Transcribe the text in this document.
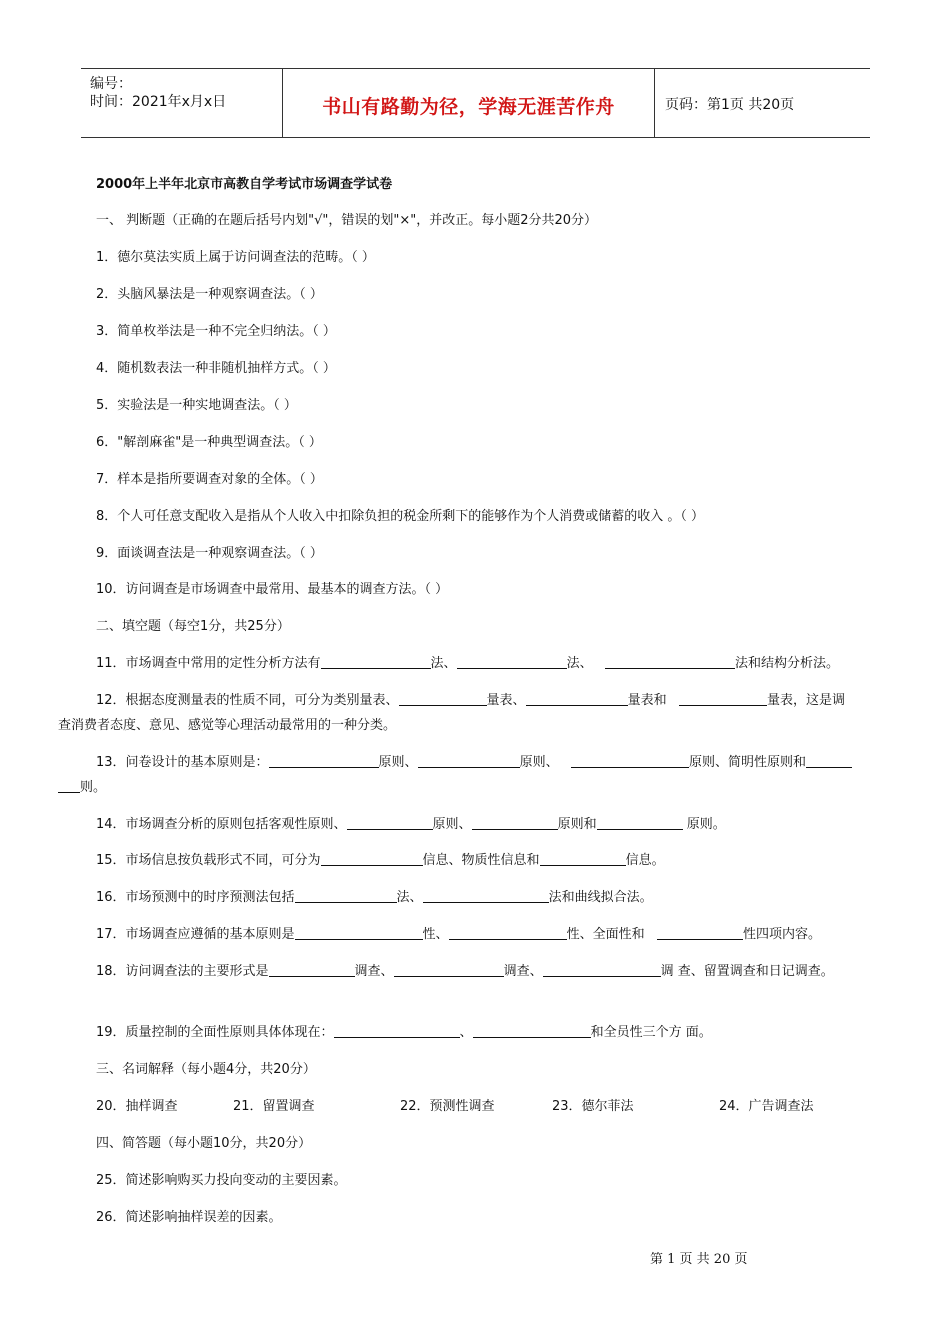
编号：
时间：2021年x月x日	书山有路勤为径，学海无涯苦作舟	页码：第1页 共20页
2000年上半年北京市高教自学考试市场调查学试卷
一、 判断题（正确的在题后括号内划"√"，错误的划"×"，并改正。每小题2分共20分）
1．德尔莫法实质上属于访问调查法的范畴。（ ）
2．头脑风暴法是一种观察调查法。（ ）
3．简单枚举法是一种不完全归纳法。（ ）
4．随机数表法一种非随机抽样方式。（ ）
5．实验法是一种实地调查法。（ ）
6．"解剖麻雀"是一种典型调查法。（ ）
7．样本是指所要调查对象的全体。（ ）
8．个人可任意支配收入是指从个人收入中扣除负担的税金所剩下的能够作为个人消费或储蓄的收入 。（ ）
9．面谈调查法是一种观察调查法。（ ）
10．访问调查是市场调查中最常用、最基本的调查方法。（ ）
二、填空题（每空1分，共25分）
11．市场调查中常用的定性分析方法有	法、	法、	法和结构分析法。
12．根据态度测量表的性质不同，可分为类别量表、	量表、	量表和	量表，这是调
查消费者态度、意见、感觉等心理活动最常用的一种分类。
13．问卷设计的基本原则是：	原则、	原则、	原则、简明性原则和
则。
14．市场调查分析的原则包括客观性原则、	原则、	原则和	原则。
15．市场信息按负载形式不同，可分为	信息、物质性信息和	信息。
16．市场预测中的时序预测法包括	法、	法和曲线拟合法。
17．市场调查应遵循的基本原则是	性、	性、全面性和	性四项内容。
18．访问调查法的主要形式是	调查、	调查、	调 查、留置调查和日记调查。
19．质量控制的全面性原则具体体现在：	、	和全员性三个方 面。
三、名词解释（每小题4分，共20分）
20．抽样调查	21．留置调查	22．预测性调查	23．德尔菲法	24．广告调查法
四、简答题（每小题10分，共20分）
25．简述影响购买力投向变动的主要因素。
26．简述影响抽样误差的因素。
第 1 页 共 20 页
